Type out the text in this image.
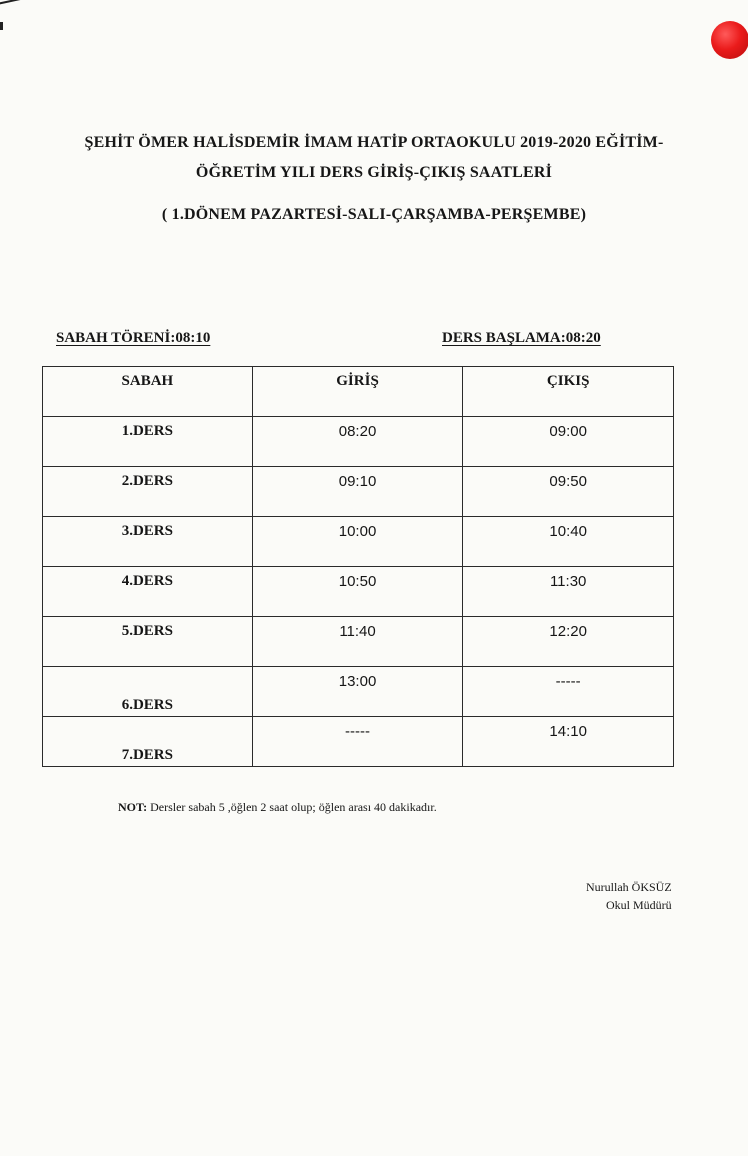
ŞEHİT ÖMER HALİSDEMİR İMAM HATİP ORTAOKULU 2019-2020 EĞİTİM-
ÖĞRETİM YILI DERS GİRİŞ-ÇIKIŞ SAATLERİ
( 1.DÖNEM PAZARTESİ-SALI-ÇARŞAMBA-PERŞEMBE)
SABAH TÖRENİ:08:10	DERS BAŞLAMA:08:20
SABAH	GİRİŞ	ÇIKIŞ
1.DERS	08:20	09:00
2.DERS	09:10	09:50
3.DERS	10:00	10:40
4.DERS	10:50	11:30
5.DERS	11:40	12:20
6.DERS	13:00	-----
7.DERS	-----	14:10
NOT: Dersler sabah 5 ,öğlen 2 saat olup; öğlen arası 40 dakikadır.
Nurullah ÖKSÜZ
Okul Müdürü
